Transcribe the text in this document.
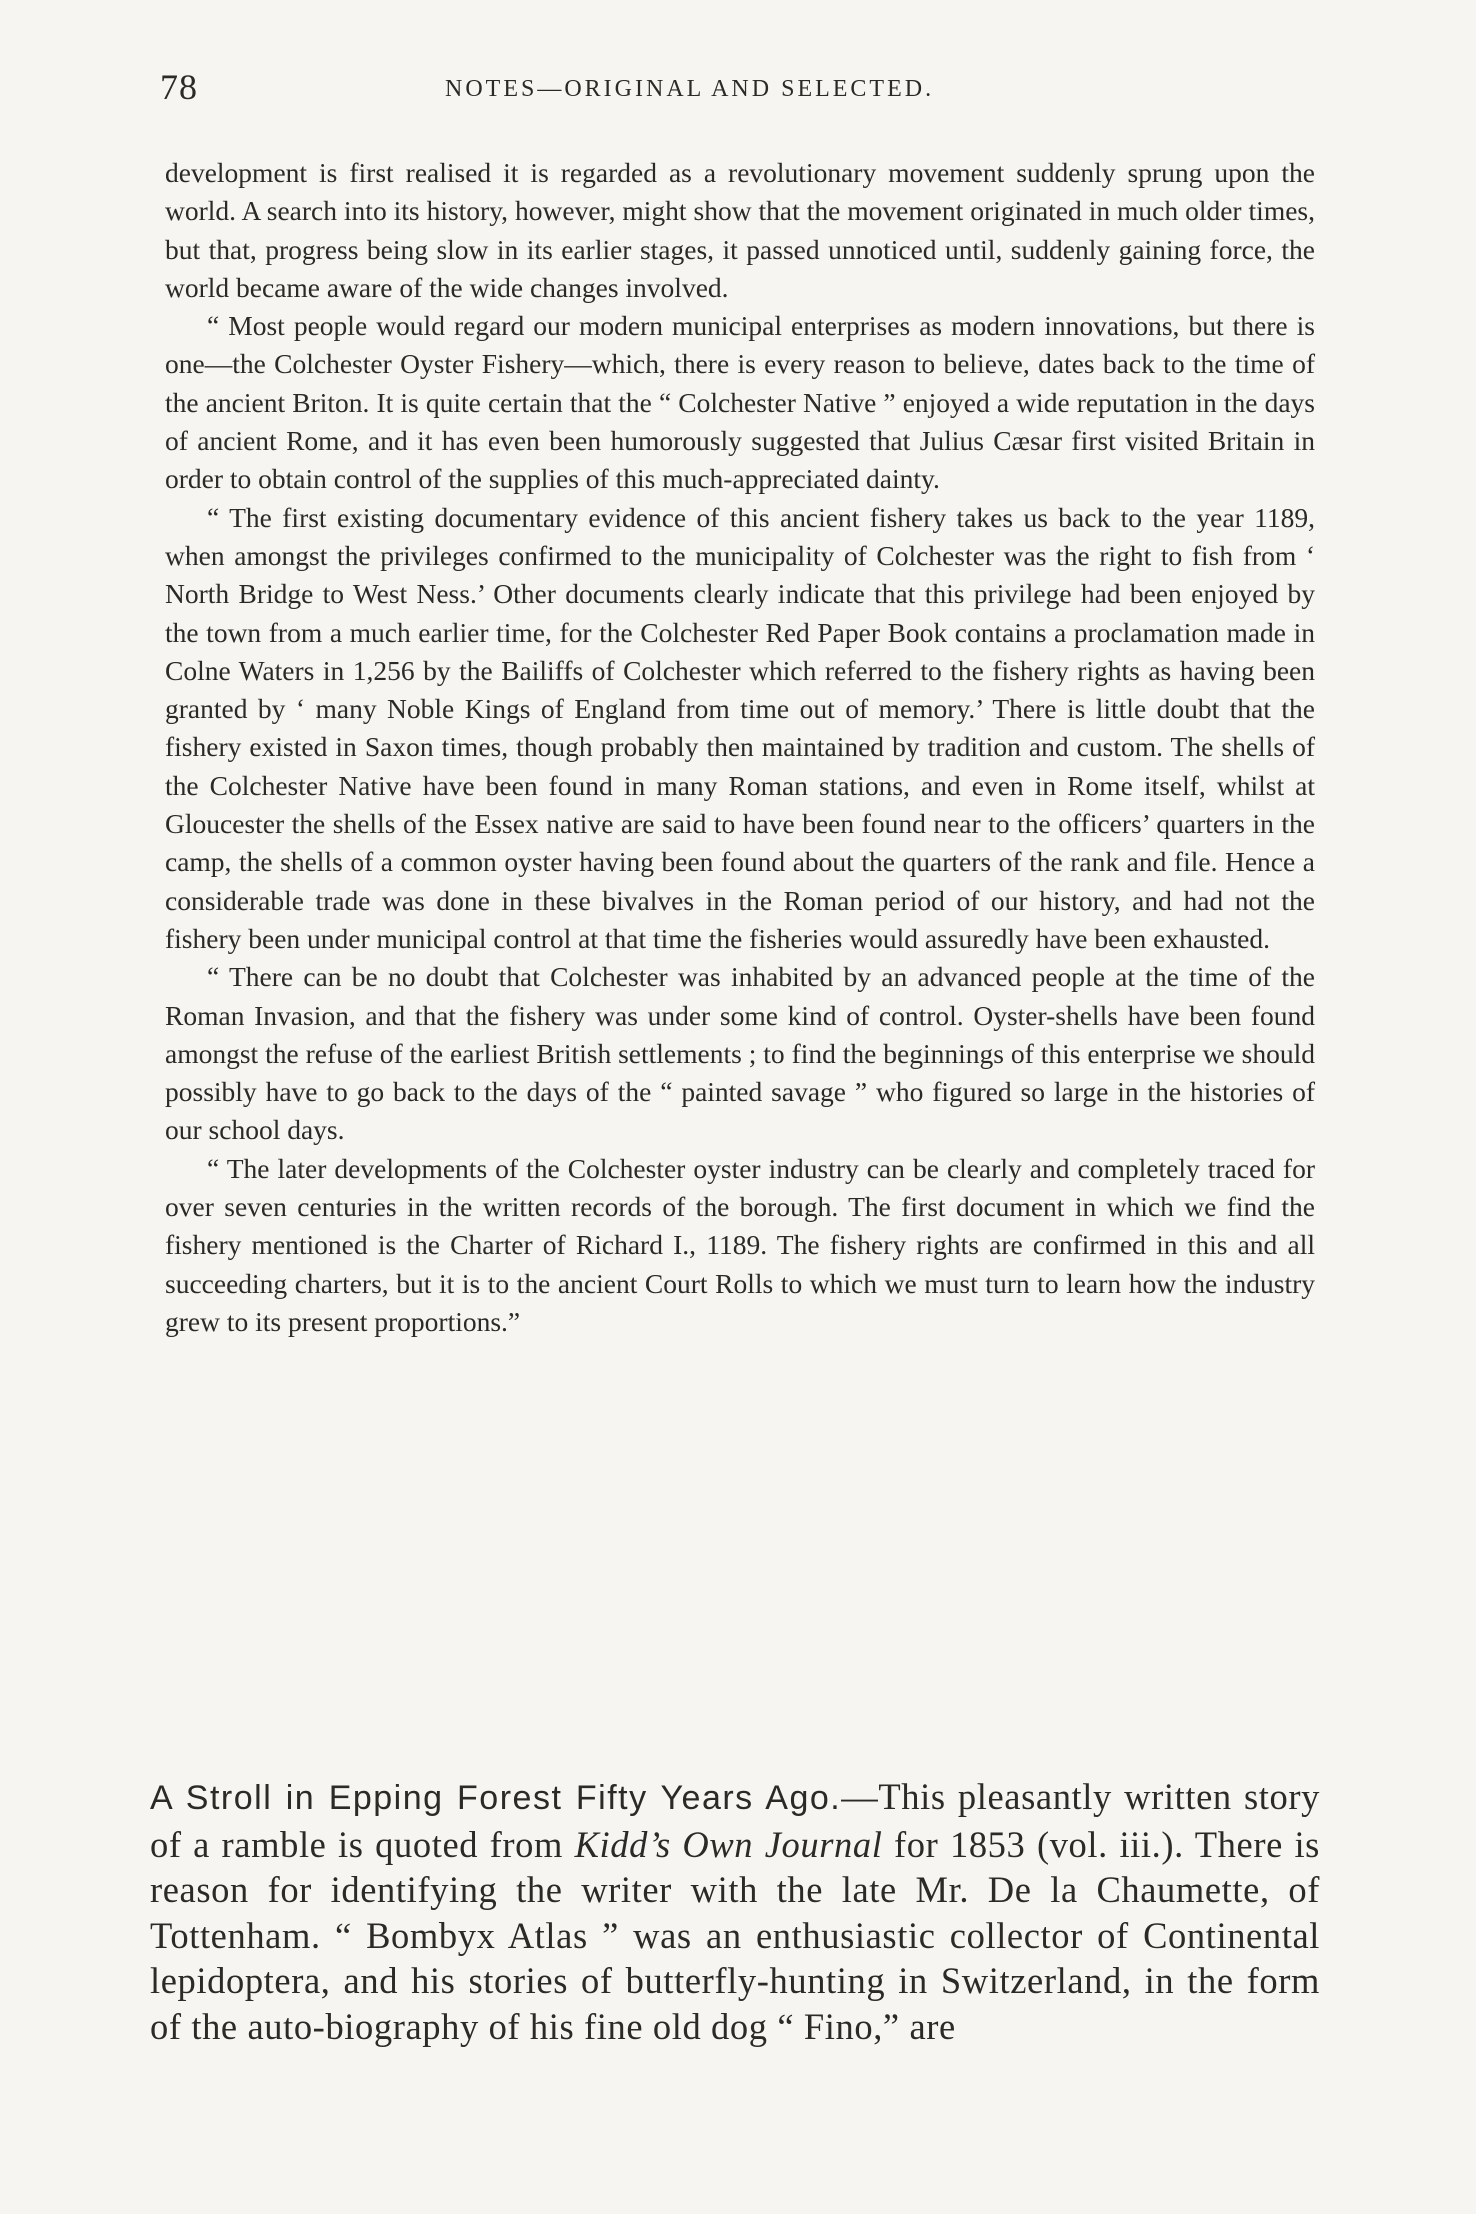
78	NOTES—ORIGINAL AND SELECTED.

development is first realised it is regarded as a revolutionary movement suddenly sprung upon the world. A search into its history, however, might show that the movement originated in much older times, but that, progress being slow in its earlier stages, it passed unnoticed until, suddenly gaining force, the world became aware of the wide changes involved.

“ Most people would regard our modern municipal enterprises as modern innovations, but there is one—the Colchester Oyster Fishery—which, there is every reason to believe, dates back to the time of the ancient Briton. It is quite certain that the “ Colchester Native ” enjoyed a wide reputation in the days of ancient Rome, and it has even been humorously suggested that Julius Cæsar first visited Britain in order to obtain control of the supplies of this much-appreciated dainty.

“ The first existing documentary evidence of this ancient fishery takes us back to the year 1189, when amongst the privileges confirmed to the municipality of Colchester was the right to fish from ‘ North Bridge to West Ness.’ Other documents clearly indicate that this privilege had been enjoyed by the town from a much earlier time, for the Colchester Red Paper Book contains a proclamation made in Colne Waters in 1,256 by the Bailiffs of Colchester which referred to the fishery rights as having been granted by ‘ many Noble Kings of England from time out of memory.’ There is little doubt that the fishery existed in Saxon times, though probably then maintained by tradition and custom. The shells of the Colchester Native have been found in many Roman stations, and even in Rome itself, whilst at Gloucester the shells of the Essex native are said to have been found near to the officers’ quarters in the camp, the shells of a common oyster having been found about the quarters of the rank and file. Hence a considerable trade was done in these bivalves in the Roman period of our history, and had not the fishery been under municipal control at that time the fisheries would assuredly have been exhausted.

“ There can be no doubt that Colchester was inhabited by an advanced people at the time of the Roman Invasion, and that the fishery was under some kind of control. Oyster-shells have been found amongst the refuse of the earliest British settlements ; to find the beginnings of this enterprise we should possibly have to go back to the days of the “ painted savage ” who figured so large in the histories of our school days.

“ The later developments of the Colchester oyster industry can be clearly and completely traced for over seven centuries in the written records of the borough. The first document in which we find the fishery mentioned is the Charter of Richard I., 1189. The fishery rights are confirmed in this and all succeeding charters, but it is to the ancient Court Rolls to which we must turn to learn how the industry grew to its present proportions.”

A Stroll in Epping Forest Fifty Years Ago.—This pleasantly written story of a ramble is quoted from Kidd’s Own Journal for 1853 (vol. iii.). There is reason for identifying the writer with the late Mr. De la Chaumette, of Tottenham. “ Bombyx Atlas ” was an enthusiastic collector of Continental lepidoptera, and his stories of butterfly-hunting in Switzerland, in the form of the auto-biography of his fine old dog “ Fino,” are
